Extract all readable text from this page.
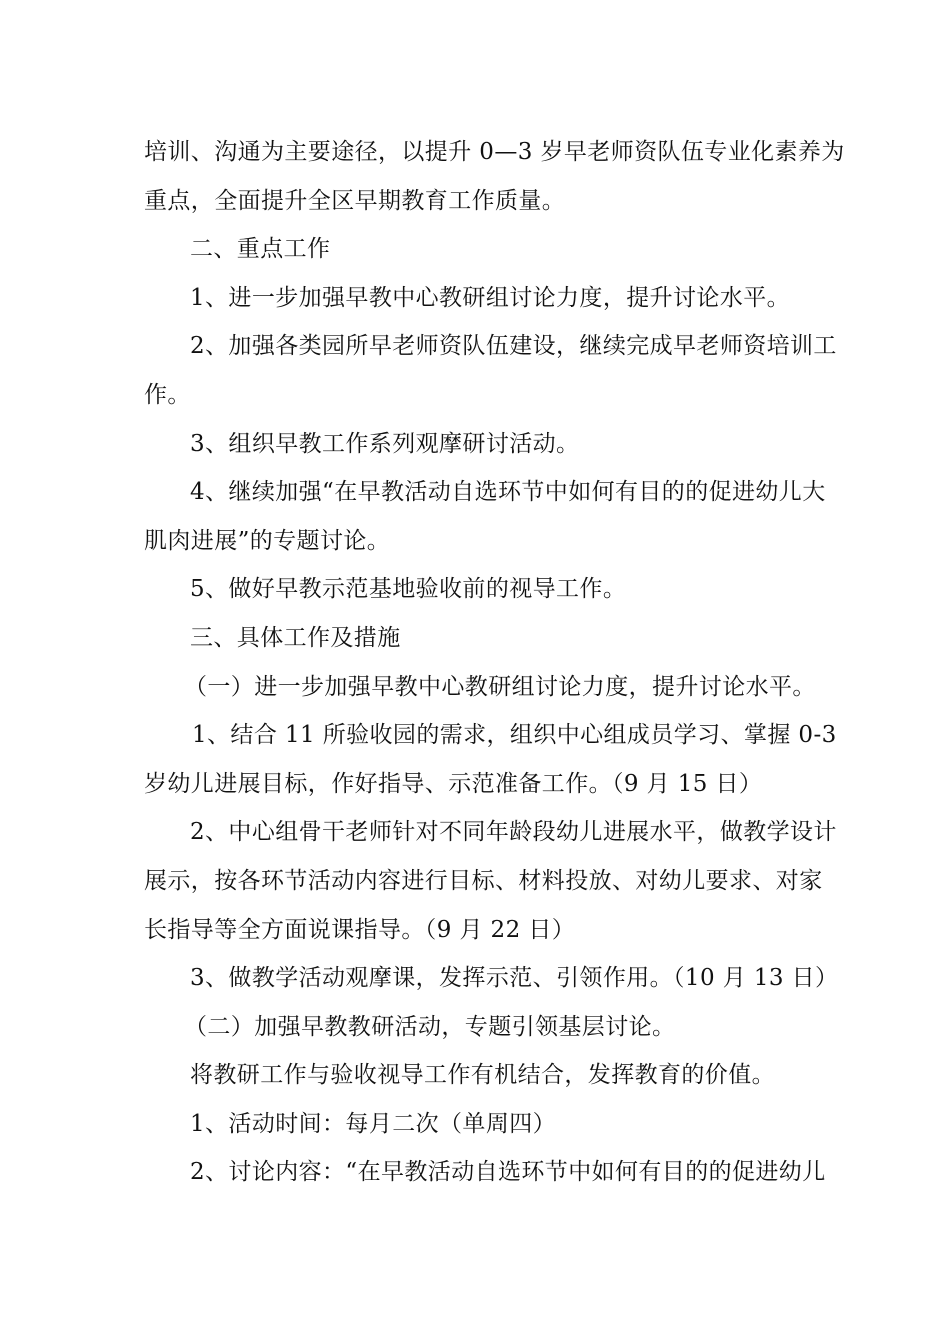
培训、沟通为主要途径，以提升 0—3 岁早老师资队伍专业化素养为

重点，全面提升全区早期教育工作质量。

二、重点工作

1、进一步加强早教中心教研组讨论力度，提升讨论水平。

2、加强各类园所早老师资队伍建设，继续完成早老师资培训工

作。

3、组织早教工作系列观摩研讨活动。

4、继续加强“在早教活动自选环节中如何有目的的促进幼儿大

肌肉进展”的专题讨论。

5、做好早教示范基地验收前的视导工作。

三、具体工作及措施

（一）进一步加强早教中心教研组讨论力度，提升讨论水平。

1、结合 11 所验收园的需求，组织中心组成员学习、掌握 0-3

岁幼儿进展目标，作好指导、示范准备工作。（9 月 15 日）

2、中心组骨干老师针对不同年龄段幼儿进展水平，做教学设计

展示，按各环节活动内容进行目标、材料投放、对幼儿要求、对家

长指导等全方面说课指导。（9 月 22 日）

3、做教学活动观摩课，发挥示范、引领作用。（10 月 13 日）

（二）加强早教教研活动，专题引领基层讨论。

将教研工作与验收视导工作有机结合，发挥教育的价值。

1、活动时间：每月二次（单周四）

2、讨论内容：“在早教活动自选环节中如何有目的的促进幼儿
